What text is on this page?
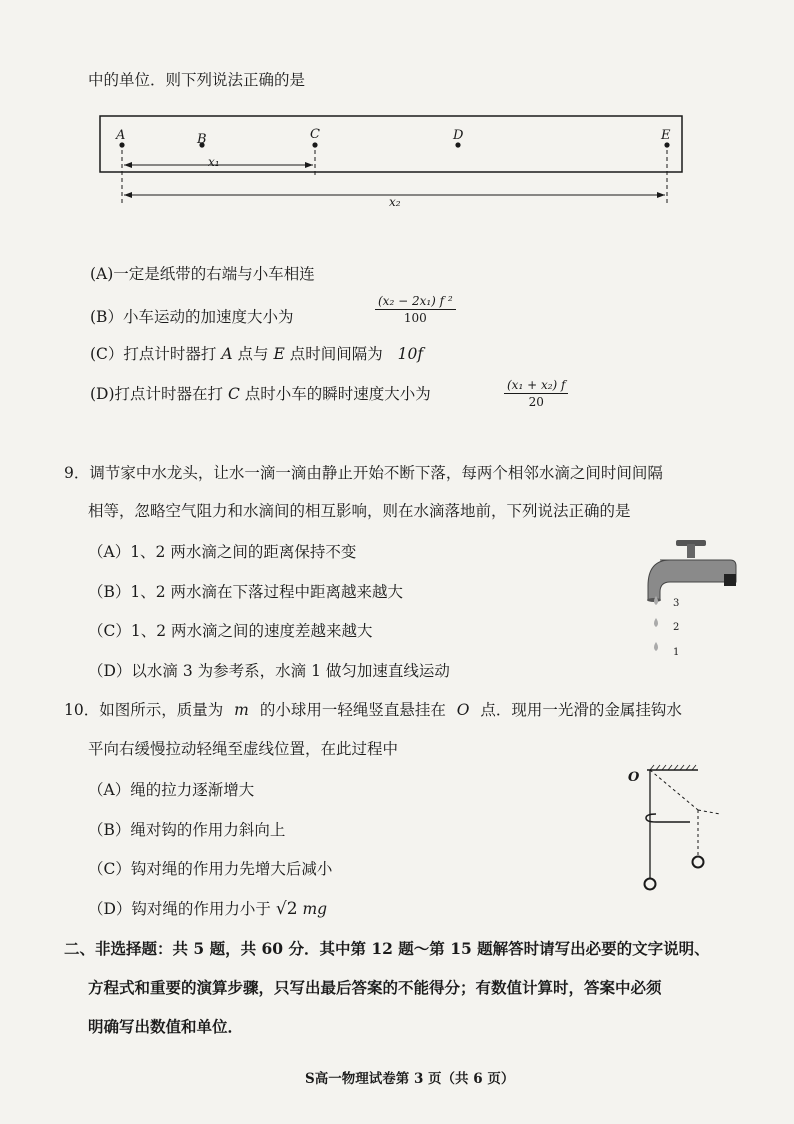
中的单位．则下列说法正确的是
A	B	C	D	E
x₁
x₂
(A)一定是纸带的右端与小车相连
(B）小车运动的加速度大小为	$\frac{\text{(x₂ − 2x₁) f ²}}{100}$
(C）打点计时器打 A 点与 E 点时间间隔为 10f
(D)打点计时器在打 C 点时小车的瞬时速度大小为	$\frac{\text{(x₁ + x₂) f}}{20}$
9．调节家中水龙头，让水一滴一滴由静止开始不断下落，每两个相邻水滴之间时间间隔
相等，忽略空气阻力和水滴间的相互影响，则在水滴落地前，下列说法正确的是
（A）1、2 两水滴之间的距离保持不变
（B）1、2 两水滴在下落过程中距离越来越大
（C）1、2 两水滴之间的速度差越来越大
（D）以水滴 3 为参考系，水滴 1 做匀加速直线运动
3
2
1
10．如图所示，质量为 m 的小球用一轻绳竖直悬挂在 O 点．现用一光滑的金属挂钩水
平向右缓慢拉动轻绳至虚线位置，在此过程中
（A）绳的拉力逐渐增大
（B）绳对钩的作用力斜向上
（C）钩对绳的作用力先增大后减小
（D）钩对绳的作用力小于 √2 mg
O
二、非选择题：共 5 题，共 60 分．其中第 12 题～第 15 题解答时请写出必要的文字说明、
方程式和重要的演算步骤，只写出最后答案的不能得分；有数值计算时，答案中必须
明确写出数值和单位．
S高一物理试卷第 3 页（共 6 页）
